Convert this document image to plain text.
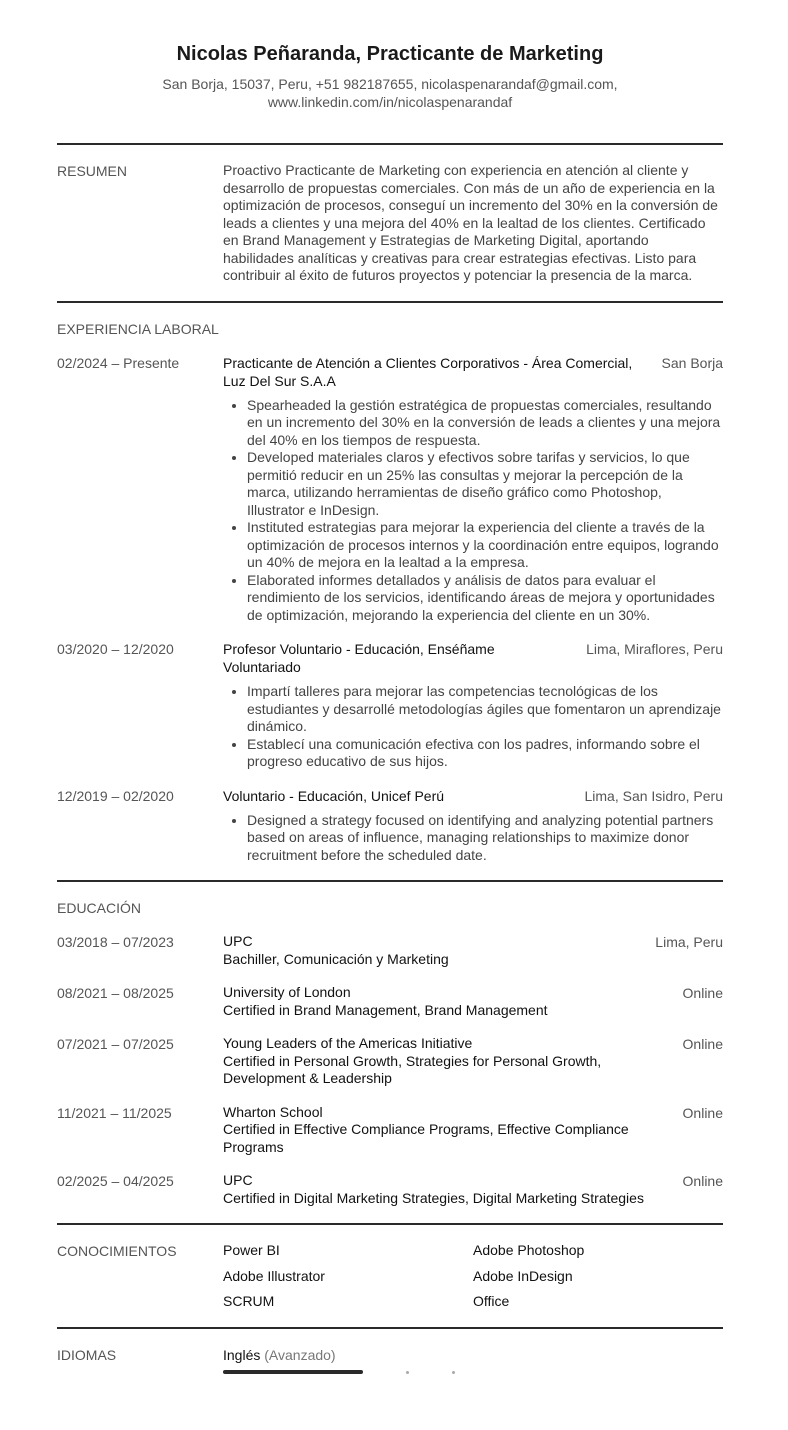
Nicolas Peñaranda, Practicante de Marketing
San Borja, 15037, Peru, +51 982187655, nicolaspenarandaf@gmail.com,
www.linkedin.com/in/nicolaspenarandaf
RESUMEN	Proactivo Practicante de Marketing con experiencia en atención al cliente y desarrollo de propuestas comerciales. Con más de un año de experiencia en la optimización de procesos, conseguí un incremento del 30% en la conversión de leads a clientes y una mejora del 40% en la lealtad de los clientes. Certificado en Brand Management y Estrategias de Marketing Digital, aportando habilidades analíticas y creativas para crear estrategias efectivas. Listo para contribuir al éxito de futuros proyectos y potenciar la presencia de la marca.
EXPERIENCIA LABORAL
02/2024 – Presente	Practicante de Atención a Clientes Corporativos - Área Comercial, Luz Del Sur S.A.A
San Borja
• Spearheaded la gestión estratégica de propuestas comerciales, resultando en un incremento del 30% en la conversión de leads a clientes y una mejora del 40% en los tiempos de respuesta.
• Developed materiales claros y efectivos sobre tarifas y servicios, lo que permitió reducir en un 25% las consultas y mejorar la percepción de la marca, utilizando herramientas de diseño gráfico como Photoshop, Illustrator e InDesign.
• Instituted estrategias para mejorar la experiencia del cliente a través de la optimización de procesos internos y la coordinación entre equipos, logrando un 40% de mejora en la lealtad a la empresa.
• Elaborated informes detallados y análisis de datos para evaluar el rendimiento de los servicios, identificando áreas de mejora y oportunidades de optimización, mejorando la experiencia del cliente en un 30%.
03/2020 – 12/2020	Profesor Voluntario - Educación, Enséñame Voluntariado
Lima, Miraflores, Peru
• Impartí talleres para mejorar las competencias tecnológicas de los estudiantes y desarrollé metodologías ágiles que fomentaron un aprendizaje dinámico.
• Establecí una comunicación efectiva con los padres, informando sobre el progreso educativo de sus hijos.
12/2019 – 02/2020	Voluntario - Educación, Unicef Perú	Lima, San Isidro, Peru
• Designed a strategy focused on identifying and analyzing potential partners based on areas of influence, managing relationships to maximize donor recruitment before the scheduled date.
EDUCACIÓN
03/2018 – 07/2023	UPC
Bachiller, Comunicación y Marketing
Lima, Peru
08/2021 – 08/2025	University of London
Certified in Brand Management, Brand Management
Online
07/2021 – 07/2025	Young Leaders of the Americas Initiative
Certified in Personal Growth, Strategies for Personal Growth, Development & Leadership
Online
11/2021 – 11/2025	Wharton School
Certified in Effective Compliance Programs, Effective Compliance Programs
Online
02/2025 – 04/2025	UPC
Certified in Digital Marketing Strategies, Digital Marketing Strategies
Online
CONOCIMIENTOS	Power BI	Adobe Photoshop
Adobe Illustrator	Adobe InDesign
SCRUM	Office
IDIOMAS	Inglés (Avanzado)
